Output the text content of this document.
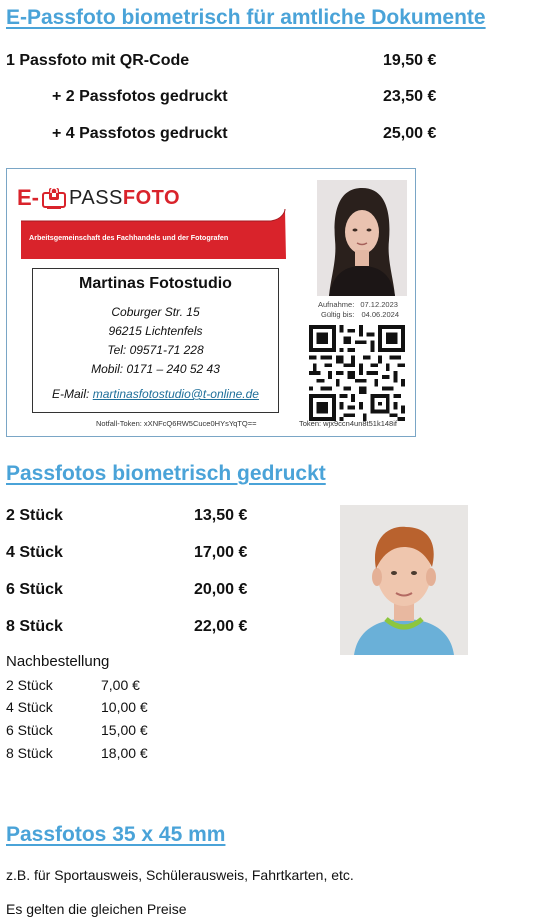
E-Passfoto biometrisch für amtliche Dokumente
1 Passfoto mit QR-Code	19,50 €
+ 2 Passfotos gedruckt	23,50 €
+ 4 Passfotos gedruckt	25,00 €
E- PASS FOTO
Arbeitsgemeinschaft des Fachhandels und der Fotografen
Martinas Fotostudio
Coburger Str. 15
96215 Lichtenfels
Tel: 09571-71 228
Mobil: 0171 – 240 52 43
E-Mail: martinasfotostudio@t-online.de
Aufnahme: 07.12.2023
Gültig bis: 04.06.2024
Notfall-Token: xXNFcQ6RW5Cuce0HYsYqTQ==	Token: wjx9ccn4un8t51k148if
Passfotos biometrisch gedruckt
2 Stück	13,50 €
4 Stück	17,00 €
6 Stück	20,00 €
8 Stück	22,00 €
Nachbestellung
2 Stück	7,00 €
4 Stück	10,00 €
6 Stück	15,00 €
8 Stück	18,00 €
Passfotos 35 x 45 mm
z.B. für Sportausweis, Schülerausweis, Fahrtkarten, etc.
Es gelten die gleichen Preise
